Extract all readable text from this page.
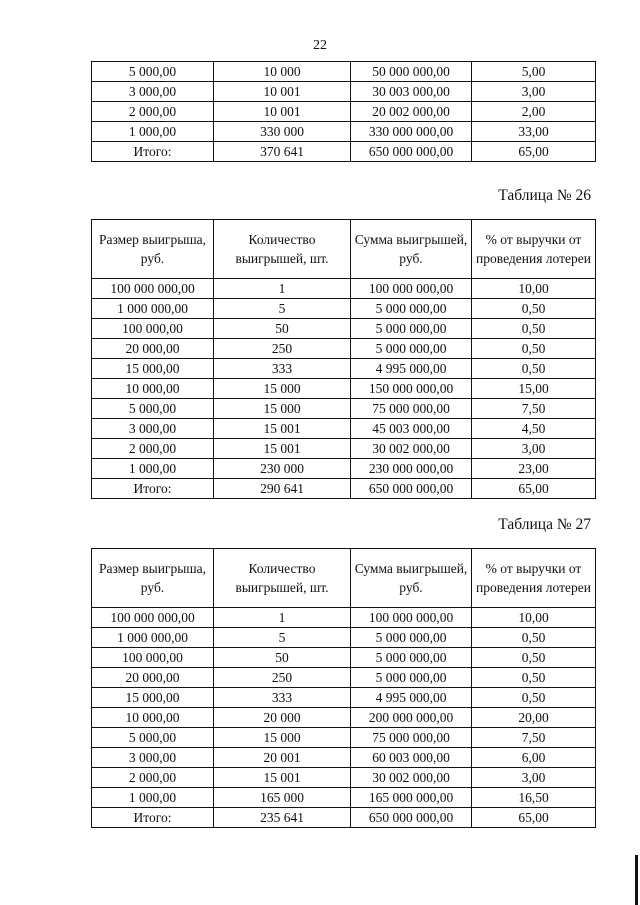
22
5 000,00	10 000	50 000 000,00	5,00
3 000,00	10 001	30 003 000,00	3,00
2 000,00	10 001	20 002 000,00	2,00
1 000,00	330 000	330 000 000,00	33,00
Итого:	370 641	650 000 000,00	65,00
Таблица № 26
Размер выигрыша, руб.	Количество выигрышей, шт.	Сумма выигрышей, руб.	% от выручки от проведения лотереи
100 000 000,00	1	100 000 000,00	10,00
1 000 000,00	5	5 000 000,00	0,50
100 000,00	50	5 000 000,00	0,50
20 000,00	250	5 000 000,00	0,50
15 000,00	333	4 995 000,00	0,50
10 000,00	15 000	150 000 000,00	15,00
5 000,00	15 000	75 000 000,00	7,50
3 000,00	15 001	45 003 000,00	4,50
2 000,00	15 001	30 002 000,00	3,00
1 000,00	230 000	230 000 000,00	23,00
Итого:	290 641	650 000 000,00	65,00
Таблица № 27
Размер выигрыша, руб.	Количество выигрышей, шт.	Сумма выигрышей, руб.	% от выручки от проведения лотереи
100 000 000,00	1	100 000 000,00	10,00
1 000 000,00	5	5 000 000,00	0,50
100 000,00	50	5 000 000,00	0,50
20 000,00	250	5 000 000,00	0,50
15 000,00	333	4 995 000,00	0,50
10 000,00	20 000	200 000 000,00	20,00
5 000,00	15 000	75 000 000,00	7,50
3 000,00	20 001	60 003 000,00	6,00
2 000,00	15 001	30 002 000,00	3,00
1 000,00	165 000	165 000 000,00	16,50
Итого:	235 641	650 000 000,00	65,00
